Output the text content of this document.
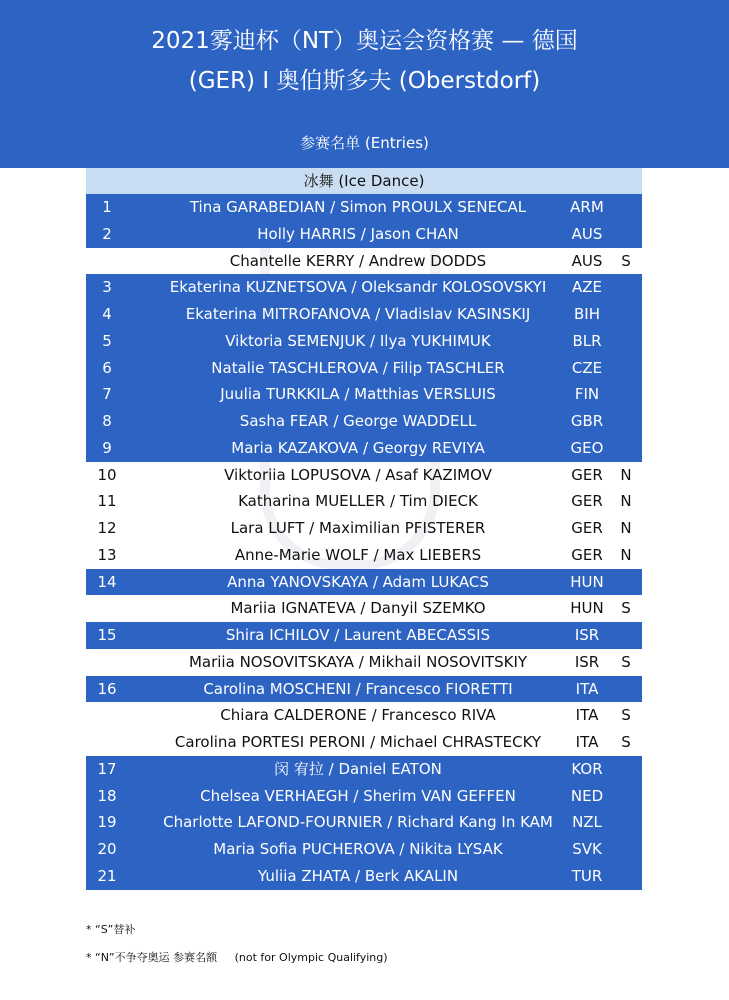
2021雾迪杯（NT）奥运会资格赛 — 德国
(GER) I 奥伯斯多夫 (Oberstdorf)
参赛名单 (Entries)
冰舞 (Ice Dance)
1	Tina GARABEDIAN / Simon PROULX SENECAL	ARM
2	Holly HARRIS / Jason CHAN	AUS
Chantelle KERRY / Andrew DODDS	AUS	S
3	Ekaterina KUZNETSOVA / Oleksandr KOLOSOVSKYI	AZE
4	Ekaterina MITROFANOVA / Vladislav KASINSKIJ	BIH
5	Viktoria SEMENJUK / Ilya YUKHIMUK	BLR
6	Natalie TASCHLEROVA / Filip TASCHLER	CZE
7	Juulia TURKKILA / Matthias VERSLUIS	FIN
8	Sasha FEAR / George WADDELL	GBR
9	Maria KAZAKOVA / Georgy REVIYA	GEO
10	Viktoriia LOPUSOVA / Asaf KAZIMOV	GER	N
11	Katharina MUELLER / Tim DIECK	GER	N
12	Lara LUFT / Maximilian PFISTERER	GER	N
13	Anne-Marie WOLF / Max LIEBERS	GER	N
14	Anna YANOVSKAYA / Adam LUKACS	HUN
Mariia IGNATEVA / Danyil SZEMKO	HUN	S
15	Shira ICHILOV / Laurent ABECASSIS	ISR
Mariia NOSOVITSKAYA / Mikhail NOSOVITSKIY	ISR	S
16	Carolina MOSCHENI / Francesco FIORETTI	ITA
Chiara CALDERONE / Francesco RIVA	ITA	S
Carolina PORTESI PERONI / Michael CHRASTECKY	ITA	S
17	闵 宥拉 / Daniel EATON	KOR
18	Chelsea VERHAEGH / Sherim VAN GEFFEN	NED
19	Charlotte LAFOND-FOURNIER / Richard Kang In KAM	NZL
20	Maria Sofia PUCHEROVA / Nikita LYSAK	SVK
21	Yuliia ZHATA / Berk AKALIN	TUR
* “S”替补
* “N”不争夺奥运 参赛名额 (not for Olympic Qualifying)
